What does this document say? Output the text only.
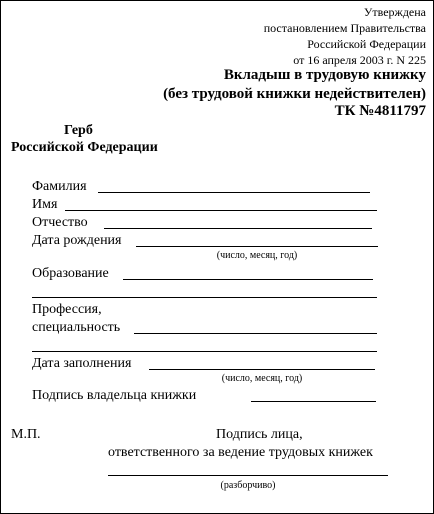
Утверждена
постановлением Правительства
Российской Федерации
от 16 апреля 2003 г. N 225
Вкладыш в трудовую книжку
(без трудовой книжки недействителен)
ТК №4811797
Герб
Российской Федерации
Фамилия
Имя
Отчество
Дата рождения
(число, месяц, год)
Образование
Профессия,
специальность
Дата заполнения
(число, месяц, год)
Подпись владельца книжки
М.П.	Подпись лица,
ответственного за ведение трудовых книжек
(разборчиво)
